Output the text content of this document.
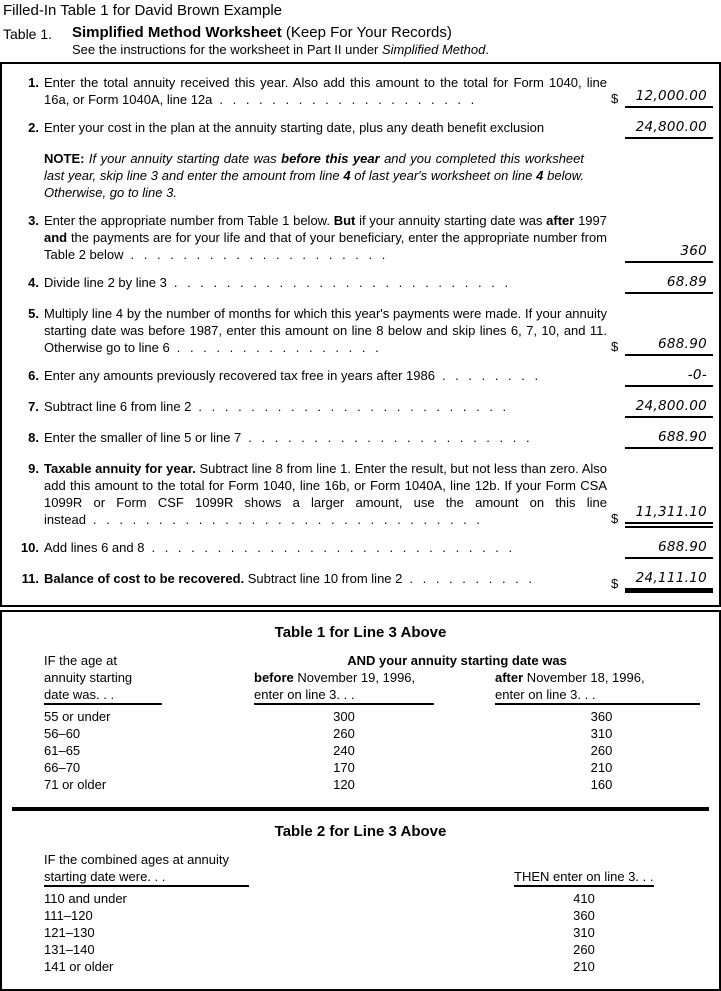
Filled-In Table 1 for David Brown Example
Table 1.	Simplified Method Worksheet (Keep For Your Records)
See the instructions for the worksheet in Part II under Simplified Method.
1. Enter the total annuity received this year. Also add this amount to the total for Form 1040, line 16a, or Form 1040A, line 12a . . . . . . . . . . . . . . . . . . . .	$	12,000.00
2. Enter your cost in the plan at the annuity starting date, plus any death benefit exclusion	24,800.00
NOTE: If your annuity starting date was before this year and you completed this worksheet last year, skip line 3 and enter the amount from line 4 of last year's worksheet on line 4 below. Otherwise, go to line 3.
3. Enter the appropriate number from Table 1 below. But if your annuity starting date was after 1997 and the payments are for your life and that of your beneficiary, enter the appropriate number from Table 2 below . . . . . . . . . . . . . . . . . . . .	360
4. Divide line 2 by line 3 . . . . . . . . . . . . . . . . . . . . . . . . . .	68.89
5. Multiply line 4 by the number of months for which this year's payments were made. If your annuity starting date was before 1987, enter this amount on line 8 below and skip lines 6, 7, 10, and 11. Otherwise go to line 6 . . . . . . . . . . . . . . . .	$	688.90
6. Enter any amounts previously recovered tax free in years after 1986 . . . . . . . .	-0-
7. Subtract line 6 from line 2 . . . . . . . . . . . . . . . . . . . . . . . .	24,800.00
8. Enter the smaller of line 5 or line 7 . . . . . . . . . . . . . . . . . . . . . .	688.90
9. Taxable annuity for year. Subtract line 8 from line 1. Enter the result, but not less than zero. Also add this amount to the total for Form 1040, line 16b, or Form 1040A, line 12b. If your Form CSA 1099R or Form CSF 1099R shows a larger amount, use the amount on this line instead . . . . . . . . . . . . . . . . . . . . . . . . . . . . . .	$	11,311.10
10. Add lines 6 and 8 . . . . . . . . . . . . . . . . . . . . . . . . . . . .	688.90
11. Balance of cost to be recovered. Subtract line 10 from line 2 . . . . . . . . . .	$	24,111.10
Table 1 for Line 3 Above
IF the age at
annuity starting
date was. . .
AND your annuity starting date was
before November 19, 1996,
enter on line 3. . .
after November 18, 1996,
enter on line 3. . .
55 or under	300	360
56–60	260	310
61–65	240	260
66–70	170	210
71 or older	120	160
Table 2 for Line 3 Above
IF the combined ages at annuity
starting date were. . .	THEN enter on line 3. . .
110 and under	410
111–120	360
121–130	310
131–140	260
141 or older	210
